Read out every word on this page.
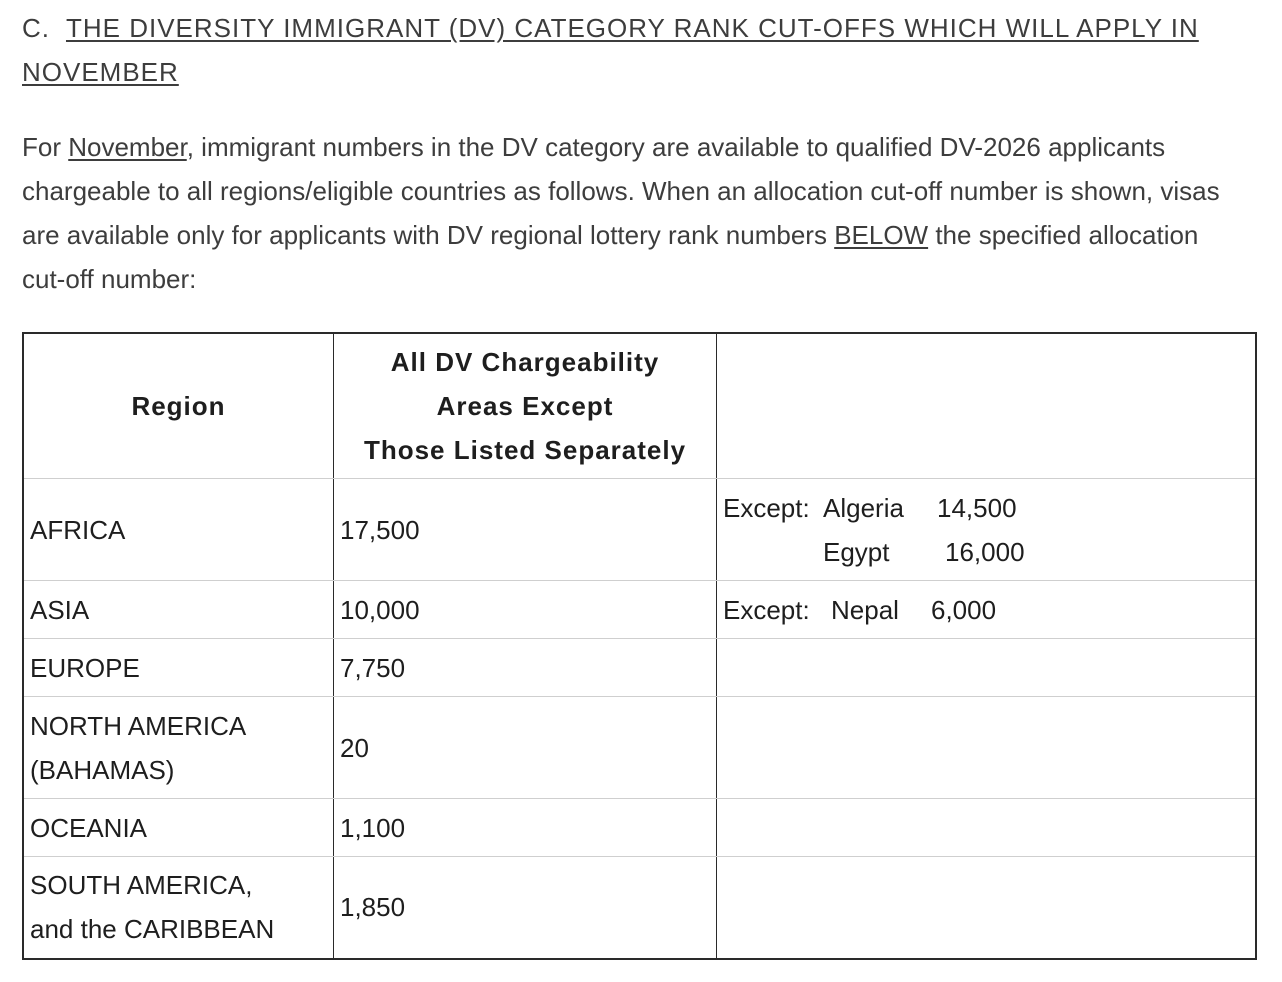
C. THE DIVERSITY IMMIGRANT (DV) CATEGORY RANK CUT-OFFS WHICH WILL APPLY IN NOVEMBER
For November, immigrant numbers in the DV category are available to qualified DV-2026 applicants chargeable to all regions/eligible countries as follows. When an allocation cut-off number is shown, visas are available only for applicants with DV regional lottery rank numbers BELOW the specified allocation cut-off number:
Region	All DV Chargeability
Areas Except
Those Listed Separately	

AFRICA	17,500	Except: Algeria 14,500
Egypt 16,000

ASIA	10,000	Except: Nepal 6,000

EUROPE	7,750	

NORTH AMERICA
(BAHAMAS)	20	
OCEANIA	1,100	

SOUTH AMERICA,
and the CARIBBEAN	1,850	
